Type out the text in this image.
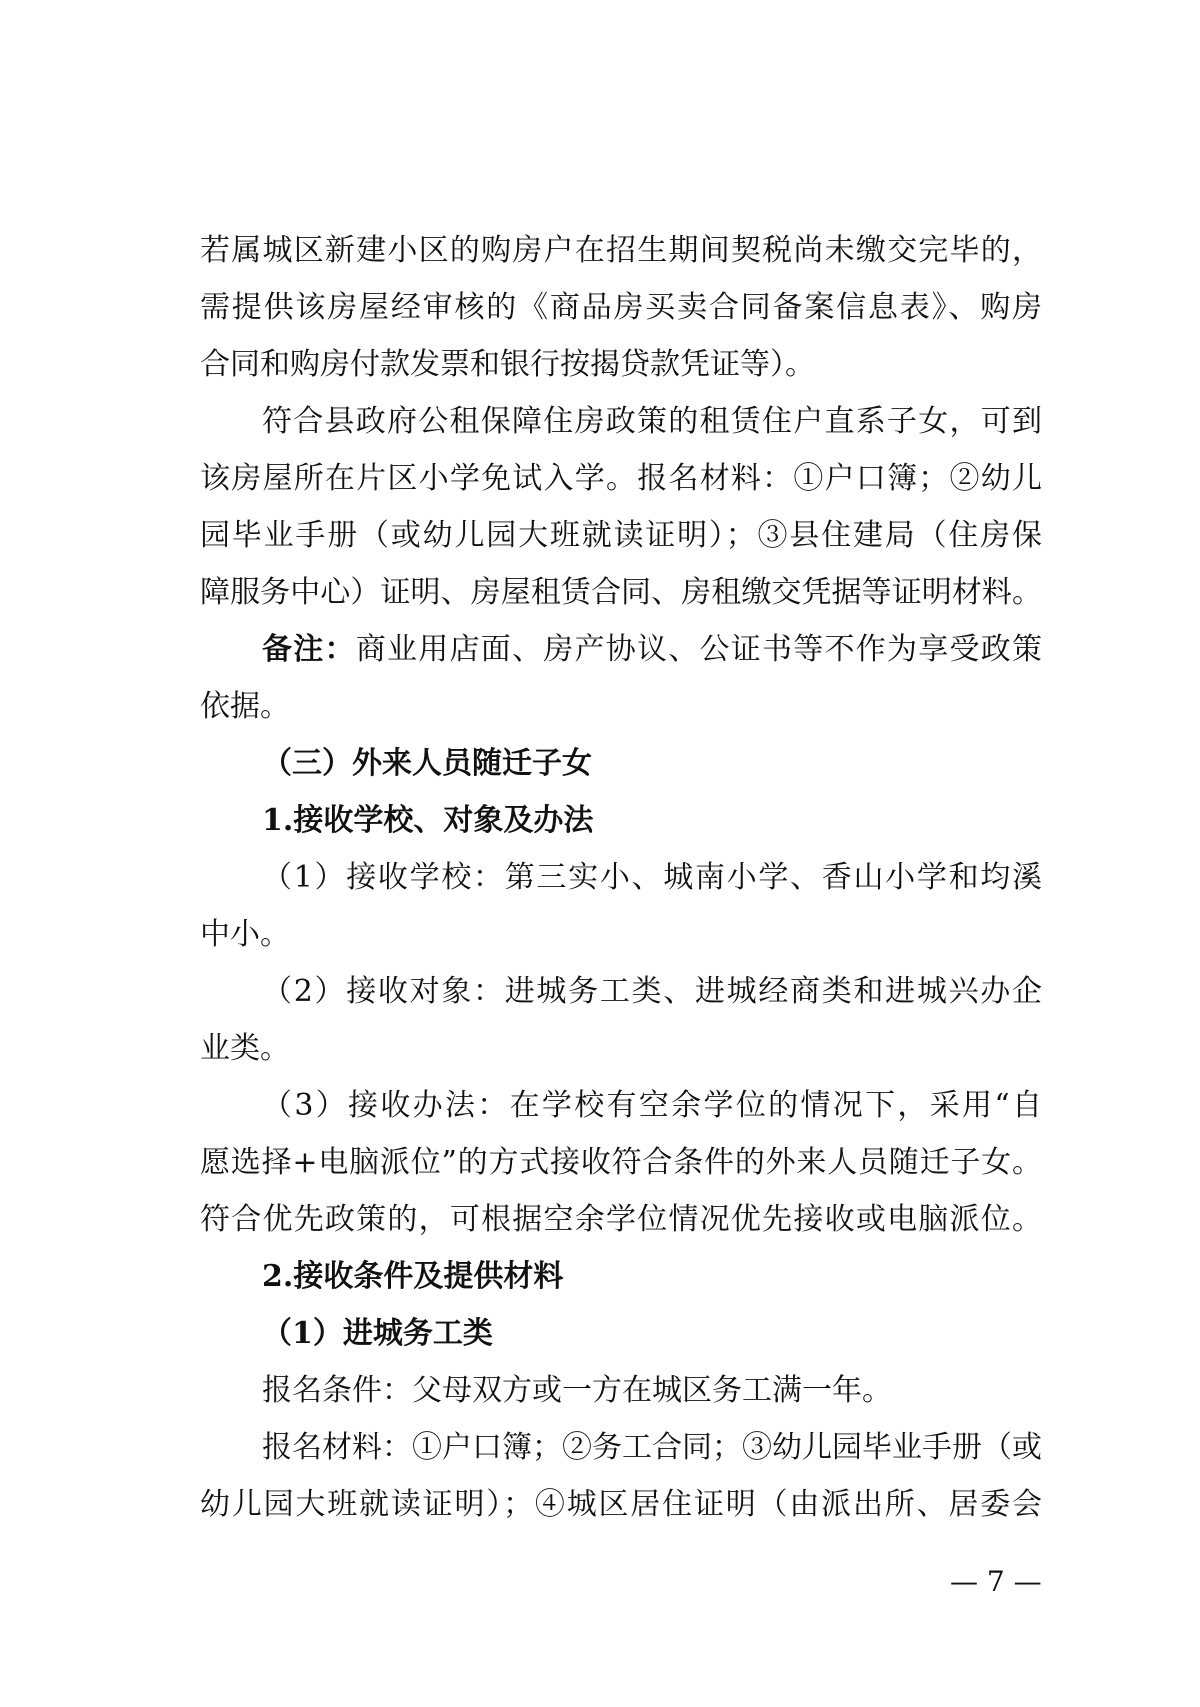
若属城区新建小区的购房户在招生期间契税尚未缴交完毕的，
需提供该房屋经审核的《商品房买卖合同备案信息表》、购房
合同和购房付款发票和银行按揭贷款凭证等）。
符合县政府公租保障住房政策的租赁住户直系子女，可到
该房屋所在片区小学免试入学。报名材料：①户口簿；②幼儿
园毕业手册（或幼儿园大班就读证明）；③县住建局（住房保
障服务中心）证明、房屋租赁合同、房租缴交凭据等证明材料。
备注：商业用店面、房产协议、公证书等不作为享受政策
依据。
（三）外来人员随迁子女
1.接收学校、对象及办法
（1）接收学校：第三实小、城南小学、香山小学和均溪
中小。
（2）接收对象：进城务工类、进城经商类和进城兴办企
业类。
（3）接收办法：在学校有空余学位的情况下，采用“自
愿选择+电脑派位”的方式接收符合条件的外来人员随迁子女。
符合优先政策的，可根据空余学位情况优先接收或电脑派位。
2.接收条件及提供材料
（1）进城务工类
报名条件：父母双方或一方在城区务工满一年。
报名材料：①户口簿；②务工合同；③幼儿园毕业手册（或
幼儿园大班就读证明）；④城区居住证明（由派出所、居委会
— 7 —
